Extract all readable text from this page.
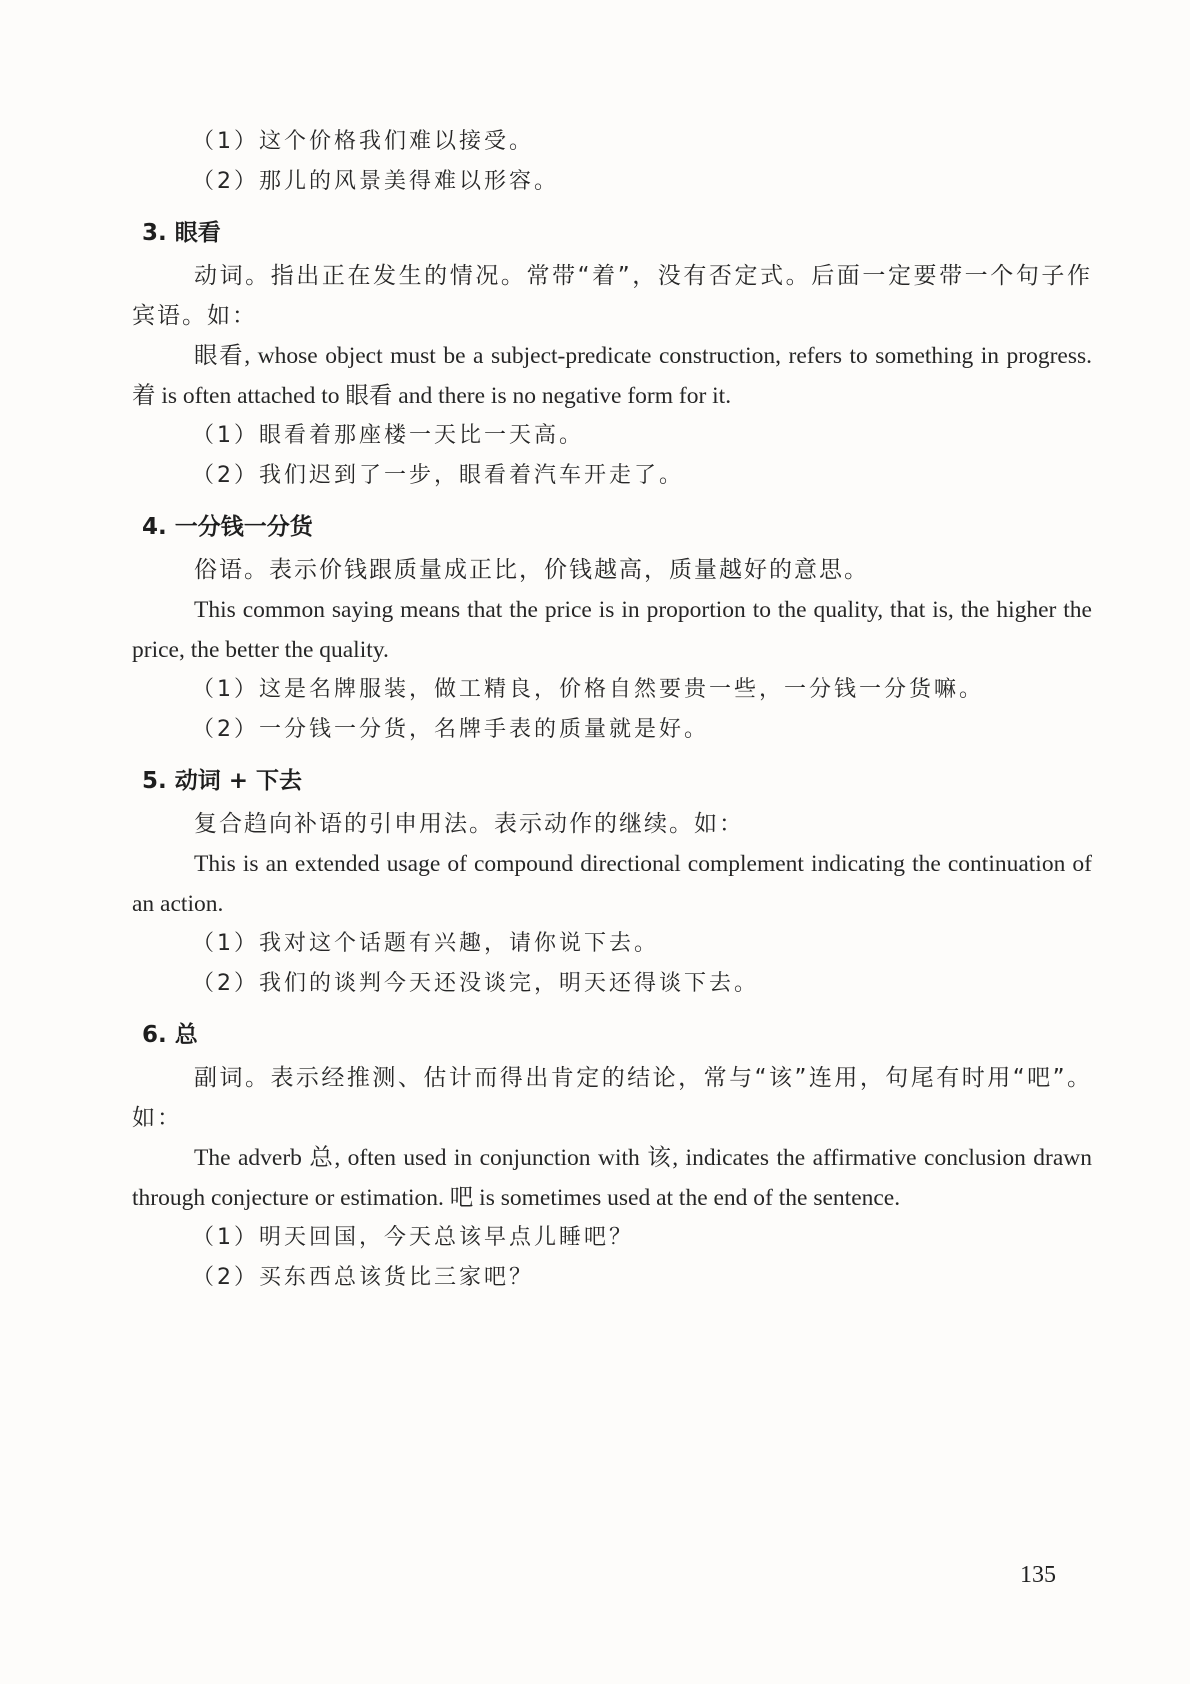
（1）这个价格我们难以接受。
（2）那儿的风景美得难以形容。
3. 眼看

动词。指出正在发生的情况。常带“着”，没有否定式。后面一定要带一个句子作宾语。如：

眼看, whose object must be a subject-predicate construction, refers to something in progress. 着 is often attached to 眼看 and there is no negative form for it.

（1）眼看着那座楼一天比一天高。
（2）我们迟到了一步，眼看着汽车开走了。
4. 一分钱一分货

俗语。表示价钱跟质量成正比，价钱越高，质量越好的意思。

This common saying means that the price is in proportion to the quality, that is, the higher the price, the better the quality.

（1）这是名牌服装，做工精良，价格自然要贵一些，一分钱一分货嘛。
（2）一分钱一分货，名牌手表的质量就是好。
5. 动词 + 下去

复合趋向补语的引申用法。表示动作的继续。如：

This is an extended usage of compound directional complement indicating the continuation of an action.

（1）我对这个话题有兴趣，请你说下去。
（2）我们的谈判今天还没谈完，明天还得谈下去。
6. 总

副词。表示经推测、估计而得出肯定的结论，常与“该”连用，句尾有时用“吧”。如：

The adverb 总, often used in conjunction with 该, indicates the affirmative conclusion drawn through conjecture or estimation. 吧 is sometimes used at the end of the sentence.

（1）明天回国，今天总该早点儿睡吧？
（2）买东西总该货比三家吧？
135
